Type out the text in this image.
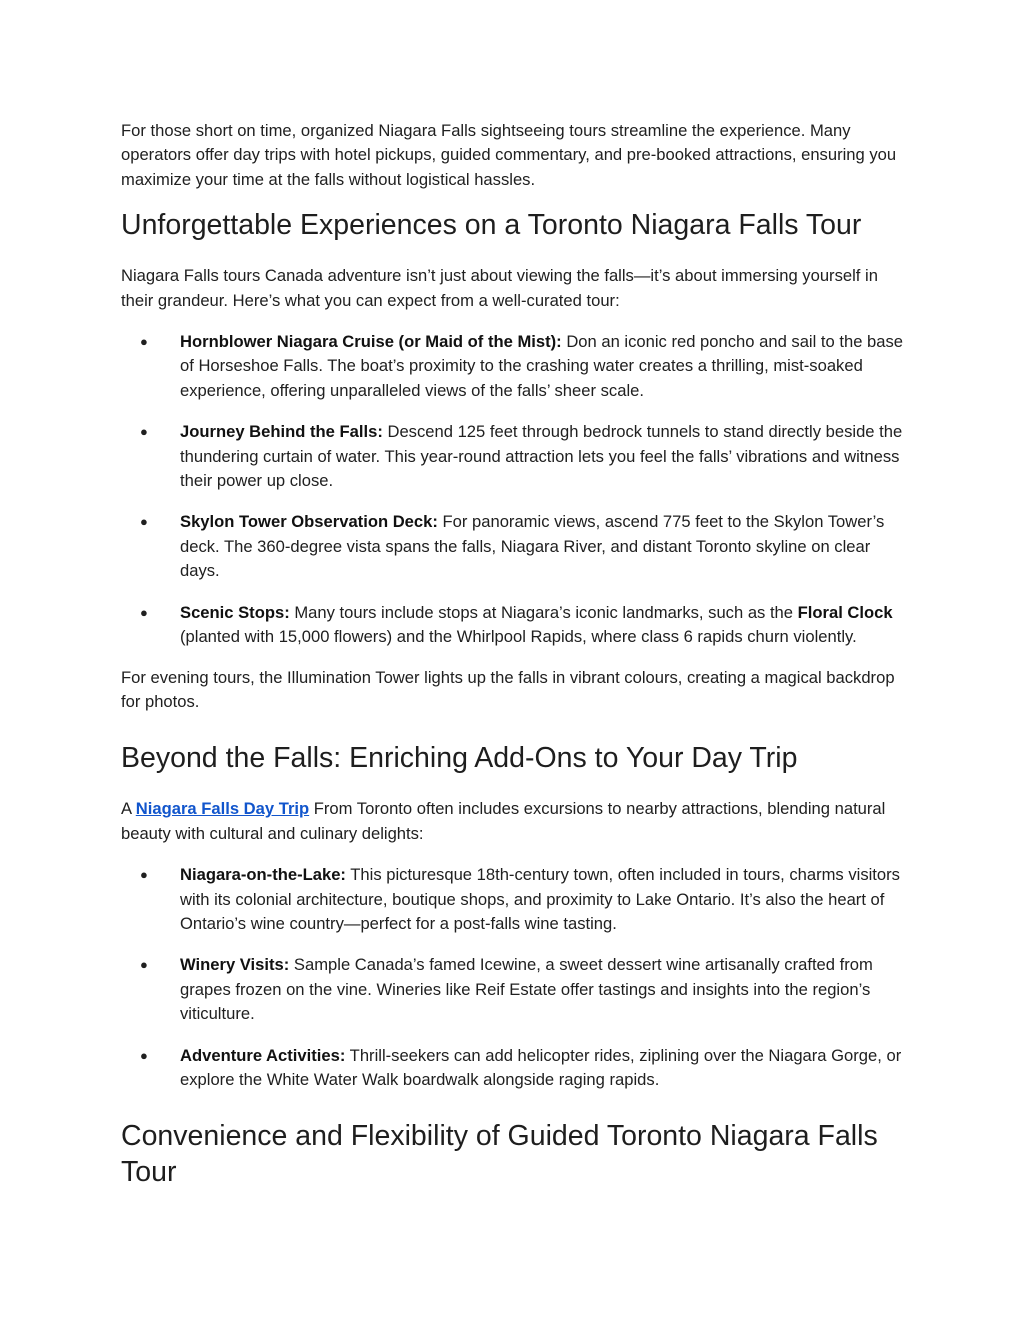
For those short on time, organized Niagara Falls sightseeing tours streamline the experience. Many operators offer day trips with hotel pickups, guided commentary, and pre-booked attractions, ensuring you maximize your time at the falls without logistical hassles.

Unforgettable Experiences on a Toronto Niagara Falls Tour

Niagara Falls tours Canada adventure isn’t just about viewing the falls—it’s about immersing yourself in their grandeur. Here’s what you can expect from a well-curated tour:

● Hornblower Niagara Cruise (or Maid of the Mist): Don an iconic red poncho and sail to the base of Horseshoe Falls. The boat’s proximity to the crashing water creates a thrilling, mist-soaked experience, offering unparalleled views of the falls’ sheer scale.
● Journey Behind the Falls: Descend 125 feet through bedrock tunnels to stand directly beside the thundering curtain of water. This year-round attraction lets you feel the falls’ vibrations and witness their power up close.
● Skylon Tower Observation Deck: For panoramic views, ascend 775 feet to the Skylon Tower’s deck. The 360-degree vista spans the falls, Niagara River, and distant Toronto skyline on clear days.
● Scenic Stops: Many tours include stops at Niagara’s iconic landmarks, such as the Floral Clock (planted with 15,000 flowers) and the Whirlpool Rapids, where class 6 rapids churn violently.

For evening tours, the Illumination Tower lights up the falls in vibrant colours, creating a magical backdrop for photos.

Beyond the Falls: Enriching Add-Ons to Your Day Trip

A Niagara Falls Day Trip From Toronto often includes excursions to nearby attractions, blending natural beauty with cultural and culinary delights:

● Niagara-on-the-Lake: This picturesque 18th-century town, often included in tours, charms visitors with its colonial architecture, boutique shops, and proximity to Lake Ontario. It’s also the heart of Ontario’s wine country—perfect for a post-falls wine tasting.
● Winery Visits: Sample Canada’s famed Icewine, a sweet dessert wine artisanally crafted from grapes frozen on the vine. Wineries like Reif Estate offer tastings and insights into the region’s viticulture.
● Adventure Activities: Thrill-seekers can add helicopter rides, ziplining over the Niagara Gorge, or explore the White Water Walk boardwalk alongside raging rapids.
Convenience and Flexibility of Guided Toronto Niagara Falls Tour
